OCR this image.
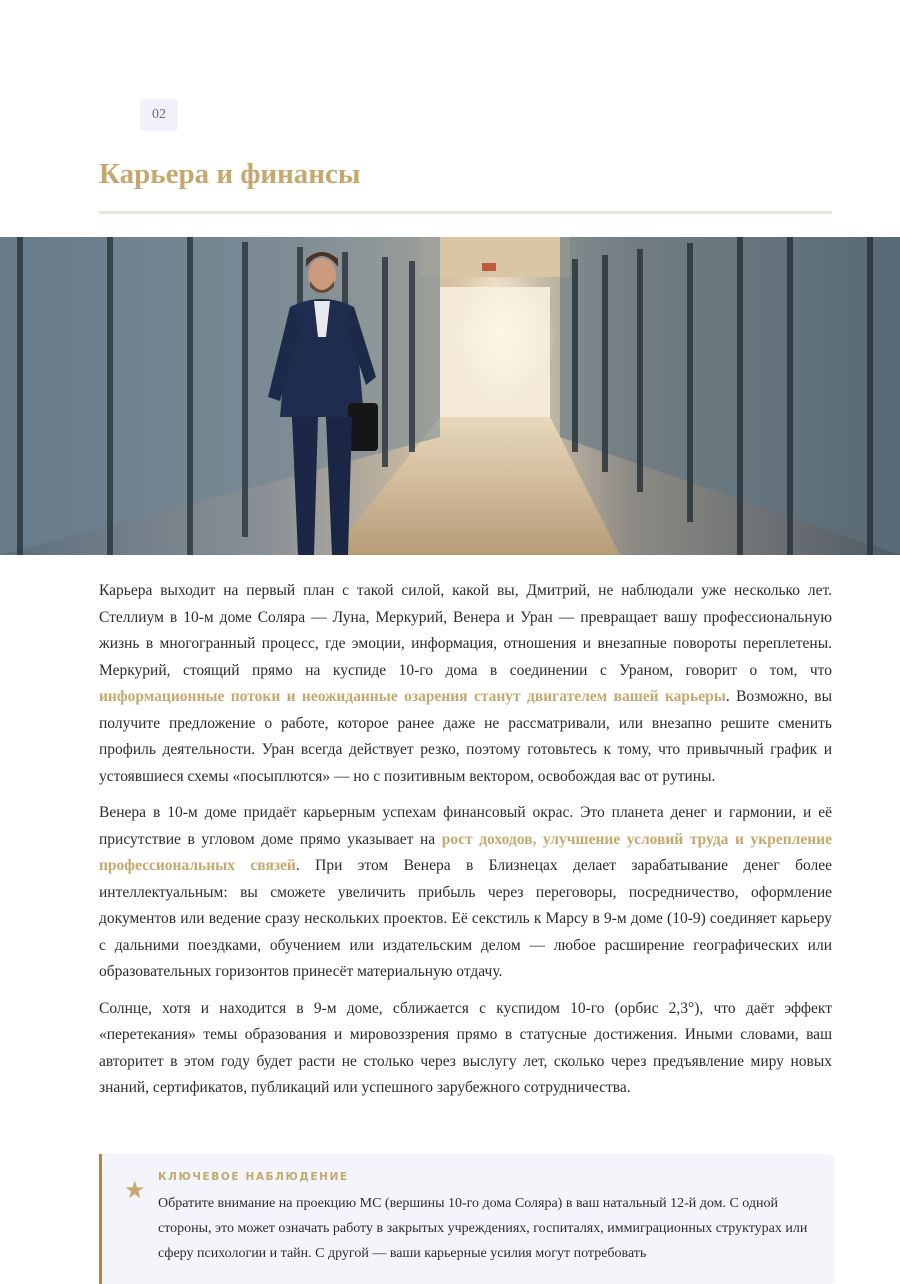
02
Карьера и финансы

Карьера выходит на первый план с такой силой, какой вы, Дмитрий, не наблюдали уже несколько лет. Стеллиум в 10-м доме Соляра — Луна, Меркурий, Венера и Уран — превращает вашу профессиональную жизнь в многогранный процесс, где эмоции, информация, отношения и внезапные повороты переплетены. Меркурий, стоящий прямо на куспиде 10-го дома в соединении с Ураном, говорит о том, что информационные потоки и неожиданные озарения станут двигателем вашей карьеры. Возможно, вы получите предложение о работе, которое ранее даже не рассматривали, или внезапно решите сменить профиль деятельности. Уран всегда действует резко, поэтому готовьтесь к тому, что привычный график и устоявшиеся схемы «посыплются» — но с позитивным вектором, освобождая вас от рутины.

Венера в 10-м доме придаёт карьерным успехам финансовый окрас. Это планета денег и гармонии, и её присутствие в угловом доме прямо указывает на рост доходов, улучшение условий труда и укрепление профессиональных связей. При этом Венера в Близнецах делает зарабатывание денег более интеллектуальным: вы сможете увеличить прибыль через переговоры, посредничество, оформление документов или ведение сразу нескольких проектов. Её секстиль к Марсу в 9-м доме (10-9) соединяет карьеру с дальними поездками, обучением или издательским делом — любое расширение географических или образовательных горизонтов принесёт материальную отдачу.

Солнце, хотя и находится в 9-м доме, сближается с куспидом 10-го (орбис 2,3°), что даёт эффект «перетекания» темы образования и мировоззрения прямо в статусные достижения. Иными словами, ваш авторитет в этом году будет расти не столько через выслугу лет, сколько через предъявление миру новых знаний, сертификатов, публикаций или успешного зарубежного сотрудничества.

★ КЛЮЧЕВОЕ НАБЛЮДЕНИЕ
Обратите внимание на проекцию МС (вершины 10-го дома Соляра) в ваш натальный 12-й дом. С одной стороны, это может означать работу в закрытых учреждениях, госпиталях, иммиграционных структурах или сферу психологии и тайн. С другой — ваши карьерные усилия могут потребовать
